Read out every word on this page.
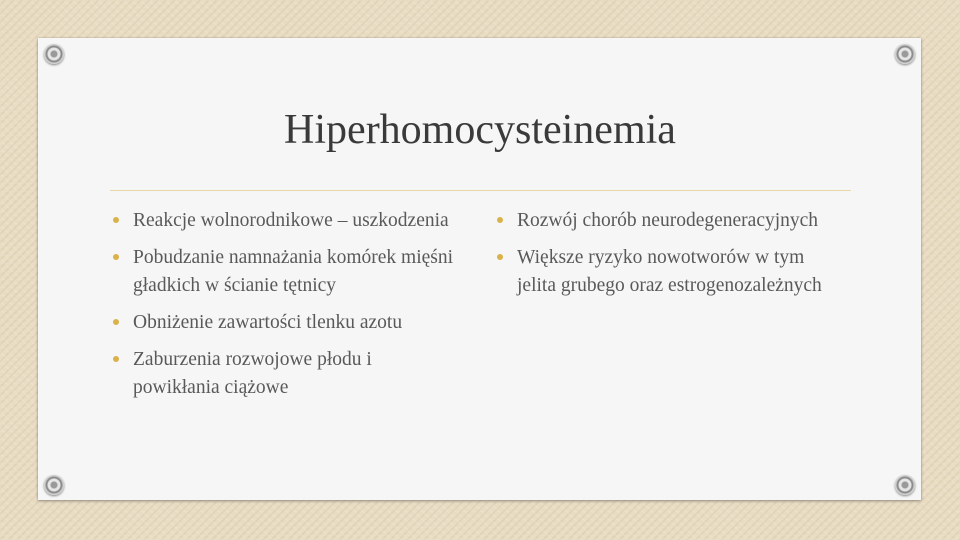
Hiperhomocysteinemia
Reakcje wolnorodnikowe – uszkodzenia
Pobudzanie namnażania komórek mięśni gładkich w ścianie tętnicy
Obniżenie zawartości tlenku azotu
Zaburzenia rozwojowe płodu i powikłania ciążowe
Rozwój chorób neurodegeneracyjnych
Większe ryzyko nowotworów w tym jelita grubego oraz estrogenozależnych
